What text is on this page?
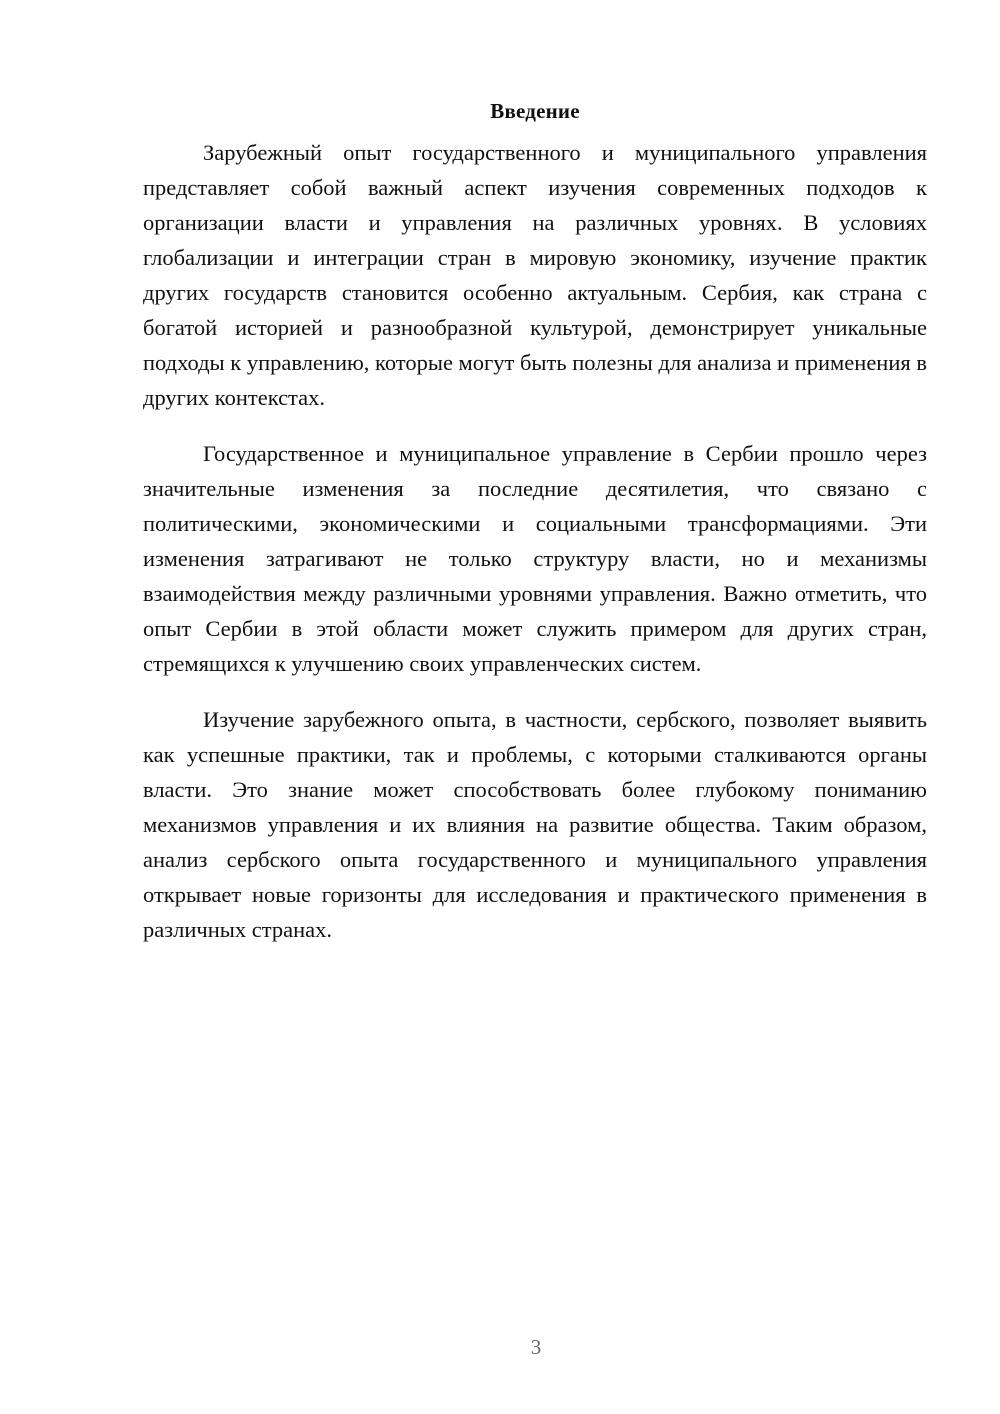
Введение

Зарубежный опыт государственного и муниципального управления представляет собой важный аспект изучения современных подходов к организации власти и управления на различных уровнях. В условиях глобализации и интеграции стран в мировую экономику, изучение практик других государств становится особенно актуальным. Сербия, как страна с богатой историей и разнообразной культурой, демонстрирует уникальные подходы к управлению, которые могут быть полезны для анализа и применения в других контекстах.

Государственное и муниципальное управление в Сербии прошло через значительные изменения за последние десятилетия, что связано с политическими, экономическими и социальными трансформациями. Эти изменения затрагивают не только структуру власти, но и механизмы взаимодействия между различными уровнями управления. Важно отметить, что опыт Сербии в этой области может служить примером для других стран, стремящихся к улучшению своих управленческих систем.

Изучение зарубежного опыта, в частности, сербского, позволяет выявить как успешные практики, так и проблемы, с которыми сталкиваются органы власти. Это знание может способствовать более глубокому пониманию механизмов управления и их влияния на развитие общества. Таким образом, анализ сербского опыта государственного и муниципального управления открывает новые горизонты для исследования и практического применения в различных странах.

3
